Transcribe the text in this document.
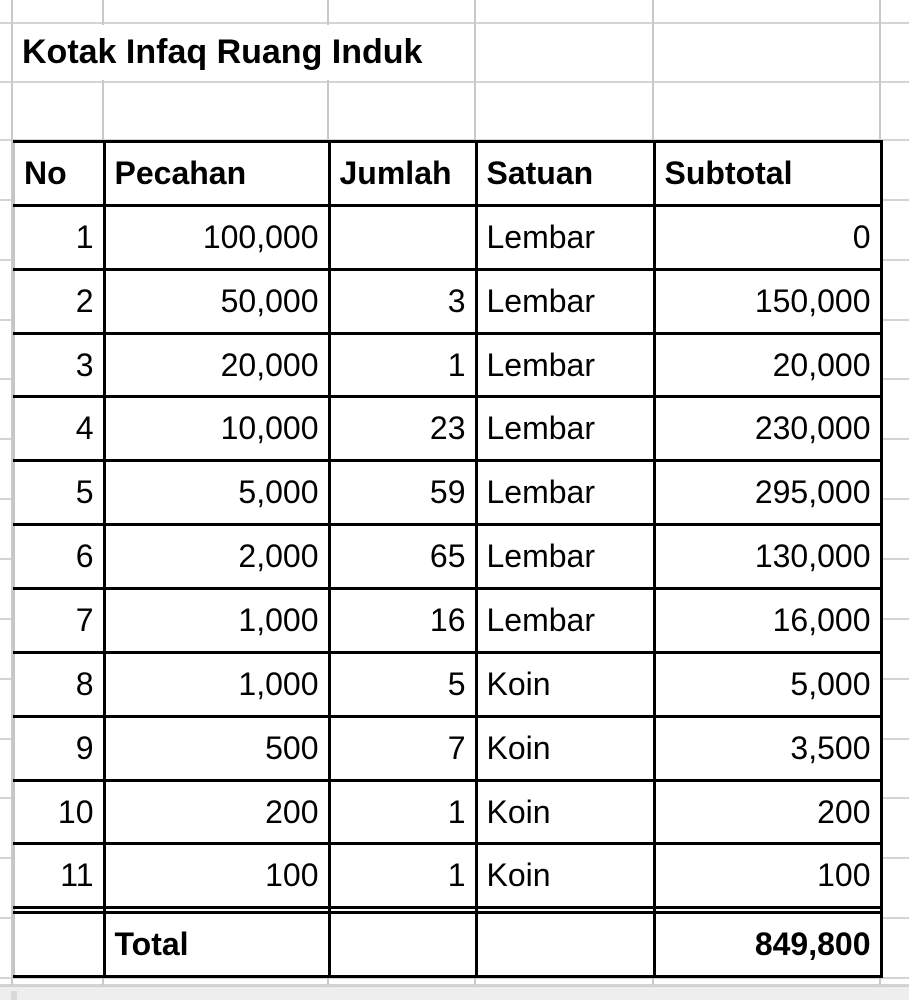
Kotak Infaq Ruang Induk
No	Pecahan	Jumlah	Satuan	Subtotal
1	100,000		Lembar	0
2	50,000	3	Lembar	150,000
3	20,000	1	Lembar	20,000
4	10,000	23	Lembar	230,000
5	5,000	59	Lembar	295,000
6	2,000	65	Lembar	130,000
7	1,000	16	Lembar	16,000
8	1,000	5	Koin	5,000
9	500	7	Koin	3,500
10	200	1	Koin	200
11	100	1	Koin	100

	Total			849,800
